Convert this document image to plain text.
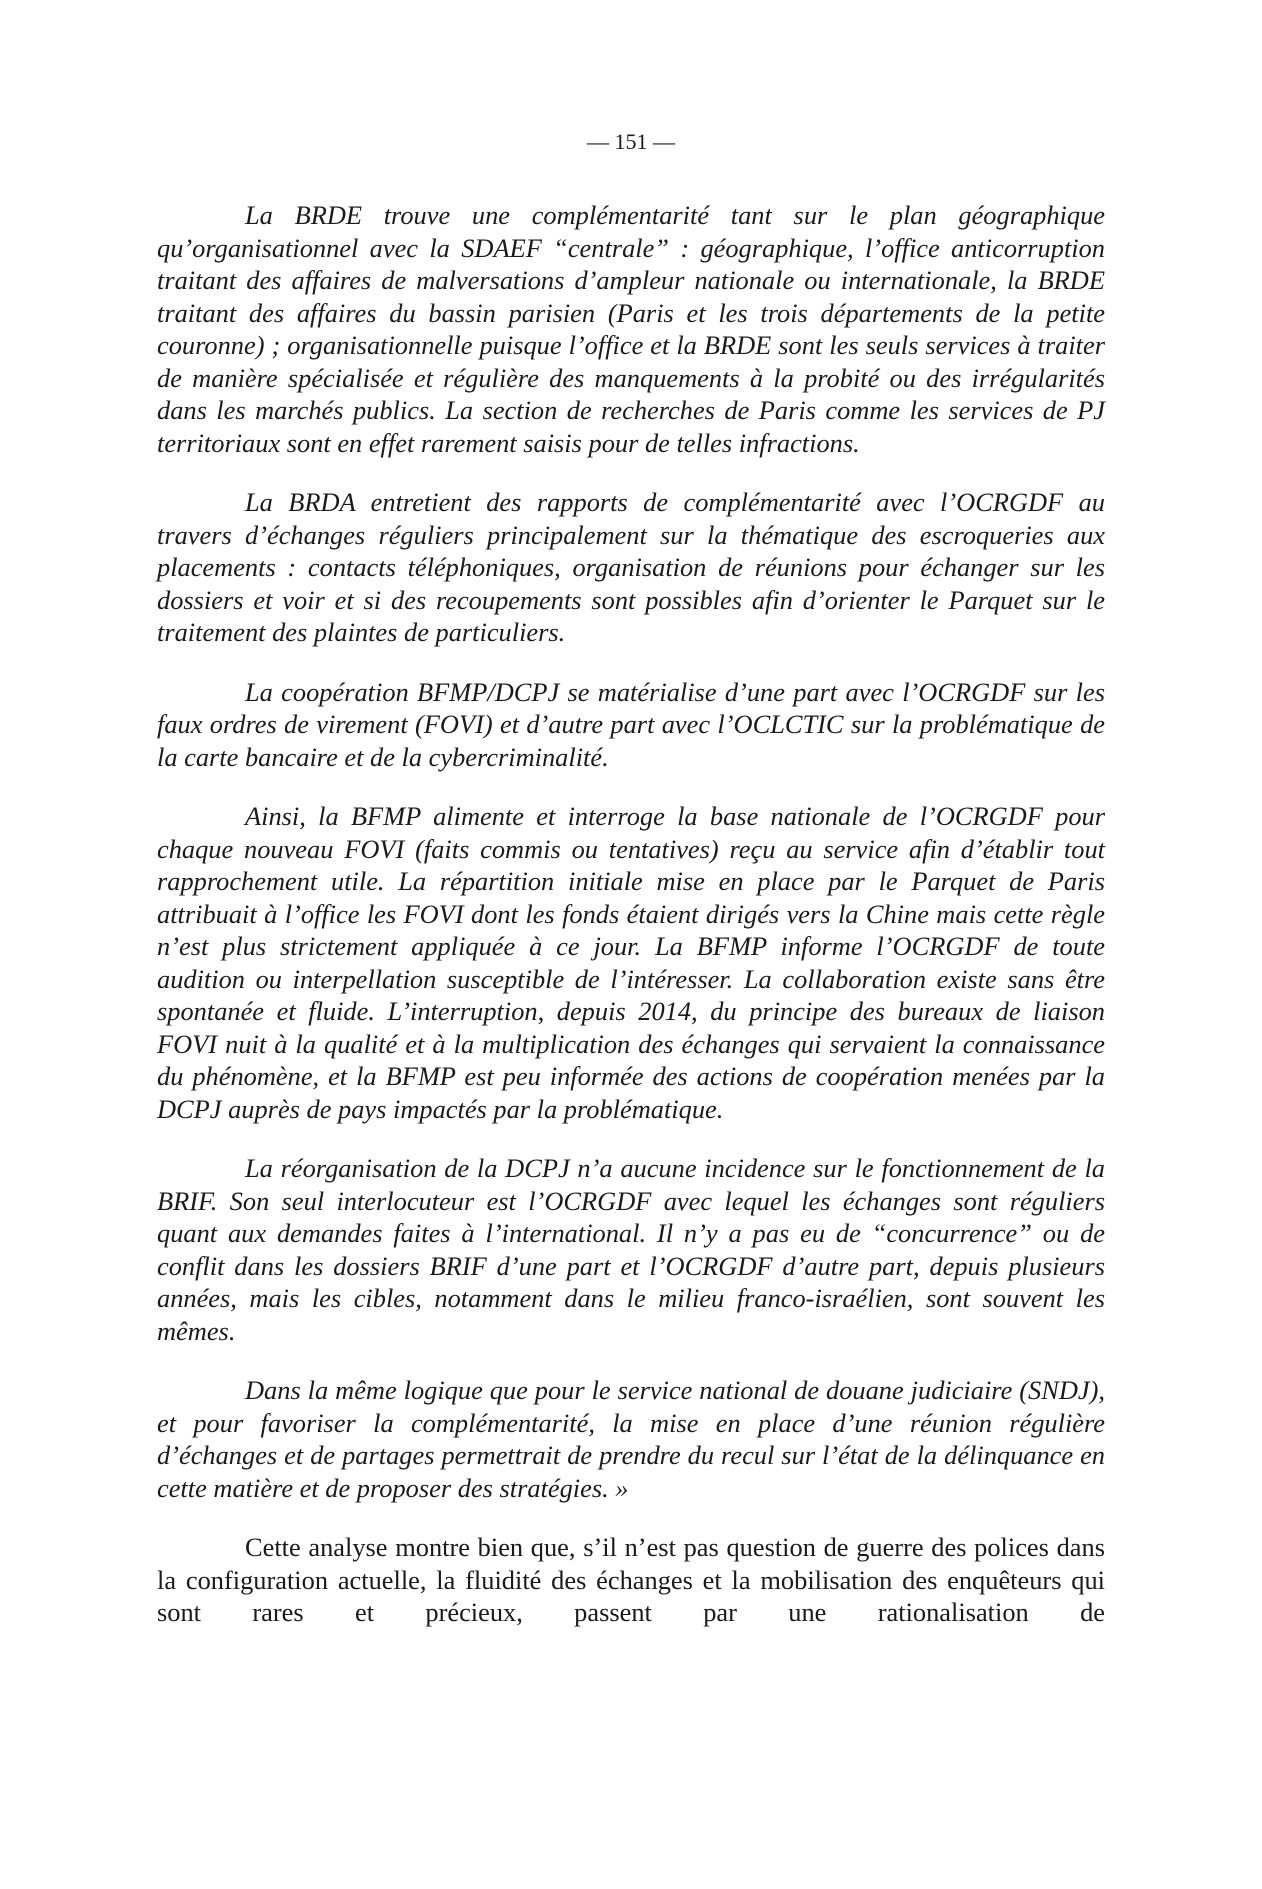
— 151 —

La BRDE trouve une complémentarité tant sur le plan géographique qu’organisationnel avec la SDAEF “centrale” : géographique, l’office anticorruption traitant des affaires de malversations d’ampleur nationale ou internationale, la BRDE traitant des affaires du bassin parisien (Paris et les trois départements de la petite couronne) ; organisationnelle puisque l’office et la BRDE sont les seuls services à traiter de manière spécialisée et régulière des manquements à la probité ou des irrégularités dans les marchés publics. La section de recherches de Paris comme les services de PJ territoriaux sont en effet rarement saisis pour de telles infractions.

La BRDA entretient des rapports de complémentarité avec l’OCRGDF au travers d’échanges réguliers principalement sur la thématique des escroqueries aux placements : contacts téléphoniques, organisation de réunions pour échanger sur les dossiers et voir et si des recoupements sont possibles afin d’orienter le Parquet sur le traitement des plaintes de particuliers.

La coopération BFMP/DCPJ se matérialise d’une part avec l’OCRGDF sur les faux ordres de virement (FOVI) et d’autre part avec l’OCLCTIC sur la problématique de la carte bancaire et de la cybercriminalité.

Ainsi, la BFMP alimente et interroge la base nationale de l’OCRGDF pour chaque nouveau FOVI (faits commis ou tentatives) reçu au service afin d’établir tout rapprochement utile. La répartition initiale mise en place par le Parquet de Paris attribuait à l’office les FOVI dont les fonds étaient dirigés vers la Chine mais cette règle n’est plus strictement appliquée à ce jour. La BFMP informe l’OCRGDF de toute audition ou interpellation susceptible de l’intéresser. La collaboration existe sans être spontanée et fluide. L’interruption, depuis 2014, du principe des bureaux de liaison FOVI nuit à la qualité et à la multiplication des échanges qui servaient la connaissance du phénomène, et la BFMP est peu informée des actions de coopération menées par la DCPJ auprès de pays impactés par la problématique.

La réorganisation de la DCPJ n’a aucune incidence sur le fonctionnement de la BRIF. Son seul interlocuteur est l’OCRGDF avec lequel les échanges sont réguliers quant aux demandes faites à l’international. Il n’y a pas eu de “concurrence” ou de conflit dans les dossiers BRIF d’une part et l’OCRGDF d’autre part, depuis plusieurs années, mais les cibles, notamment dans le milieu franco-israélien, sont souvent les mêmes.

Dans la même logique que pour le service national de douane judiciaire (SNDJ), et pour favoriser la complémentarité, la mise en place d’une réunion régulière d’échanges et de partages permettrait de prendre du recul sur l’état de la délinquance en cette matière et de proposer des stratégies. »

Cette analyse montre bien que, s’il n’est pas question de guerre des polices dans la configuration actuelle, la fluidité des échanges et la mobilisation des enquêteurs qui sont rares et précieux, passent par une rationalisation de
